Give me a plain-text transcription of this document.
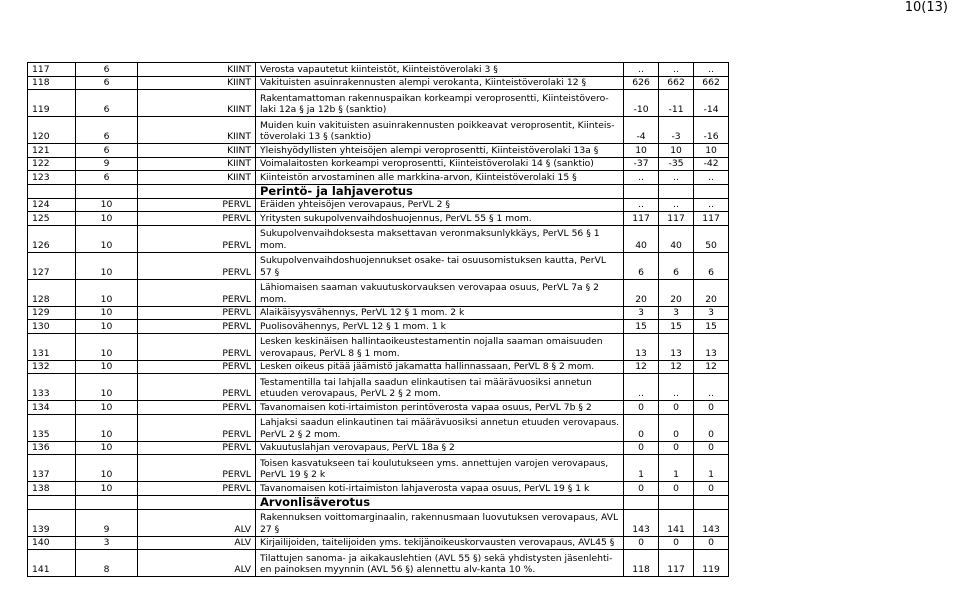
10(13)
117	6	KIINT	Verosta vapautetut kiinteistöt, Kiinteistöverolaki 3 §	..	..	..
118	6	KIINT	Vakituisten asuinrakennusten alempi verokanta, Kiinteistöverolaki 12 §	626	662	662
119	6	KIINT	Rakentamattoman rakennuspaikan korkeampi veroprosentti, Kiinteistövero-
laki 12a § ja 12b § (sanktio)	-10	-11	-14
120	6	KIINT	Muiden kuin vakituisten asuinrakennusten poikkeavat veroprosentit, Kiinteis-
töverolaki 13 § (sanktio)	-4	-3	-16
121	6	KIINT	Yleishyödyllisten yhteisöjen alempi veroprosentti, Kiinteistöverolaki 13a §	10	10	10
122	9	KIINT	Voimalaitosten korkeampi veroprosentti, Kiinteistöverolaki 14 § (sanktio)	-37	-35	-42
123	6	KIINT	Kiinteistön arvostaminen alle markkina-arvon, Kiinteistöverolaki 15 §	..	..	..
			Perintö- ja lahjaverotus			
124	10	PERVL	Eräiden yhteisöjen verovapaus, PerVL 2 §	..	..	..
125	10	PERVL	Yritysten sukupolvenvaihdoshuojennus, PerVL 55 § 1 mom.	117	117	117
126	10	PERVL	Sukupolvenvaihdoksesta maksettavan veronmaksunlykkäys, PerVL 56 § 1
mom.	40	40	50
127	10	PERVL	Sukupolvenvaihdoshuojennukset osake- tai osuusomistuksen kautta, PerVL
57 §	6	6	6
128	10	PERVL	Lähiomaisen saaman vakuutuskorvauksen verovapaa osuus, PerVL 7a § 2
mom.	20	20	20
129	10	PERVL	Alaikäisyysvähennys, PerVL 12 § 1 mom. 2 k	3	3	3
130	10	PERVL	Puolisovähennys, PerVL 12 § 1 mom. 1 k	15	15	15
131	10	PERVL	Lesken keskinäisen hallintaoikeustestamentin nojalla saaman omaisuuden
verovapaus, PerVL 8 § 1 mom.	13	13	13
132	10	PERVL	Lesken oikeus pitää jäämistö jakamatta hallinnassaan, PerVL 8 § 2 mom.	12	12	12
133	10	PERVL	Testamentilla tai lahjalla saadun elinkautisen tai määrävuosiksi annetun
etuuden verovapaus, PerVL 2 § 2 mom.	..	..	..
134	10	PERVL	Tavanomaisen koti-irtaimiston perintöverosta vapaa osuus, PerVL 7b § 2	0	0	0
135	10	PERVL	Lahjaksi saadun elinkautinen tai määrävuosiksi annetun etuuden verovapaus.
PerVL 2 § 2 mom.	0	0	0
136	10	PERVL	Vakuutuslahjan verovapaus, PerVL 18a § 2	0	0	0
137	10	PERVL	Toisen kasvatukseen tai koulutukseen yms. annettujen varojen verovapaus,
PerVL 19 § 2 k	1	1	1
138	10	PERVL	Tavanomaisen koti-irtaimiston lahjaverosta vapaa osuus, PerVL 19 § 1 k	0	0	0
			Arvonlisäverotus			
139	9	ALV	Rakennuksen voittomarginaalin, rakennusmaan luovutuksen verovapaus, AVL
27 §	143	141	143
140	3	ALV	Kirjailijoiden, taitelijoiden yms. tekijänoikeuskorvausten verovapaus, AVL45 §	0	0	0
141	8	ALV	Tilattujen sanoma- ja aikakauslehtien (AVL 55 §) sekä yhdistysten jäsenlehti-
en painoksen myynnin (AVL 56 §) alennettu alv-kanta 10 %.	118	117	119
